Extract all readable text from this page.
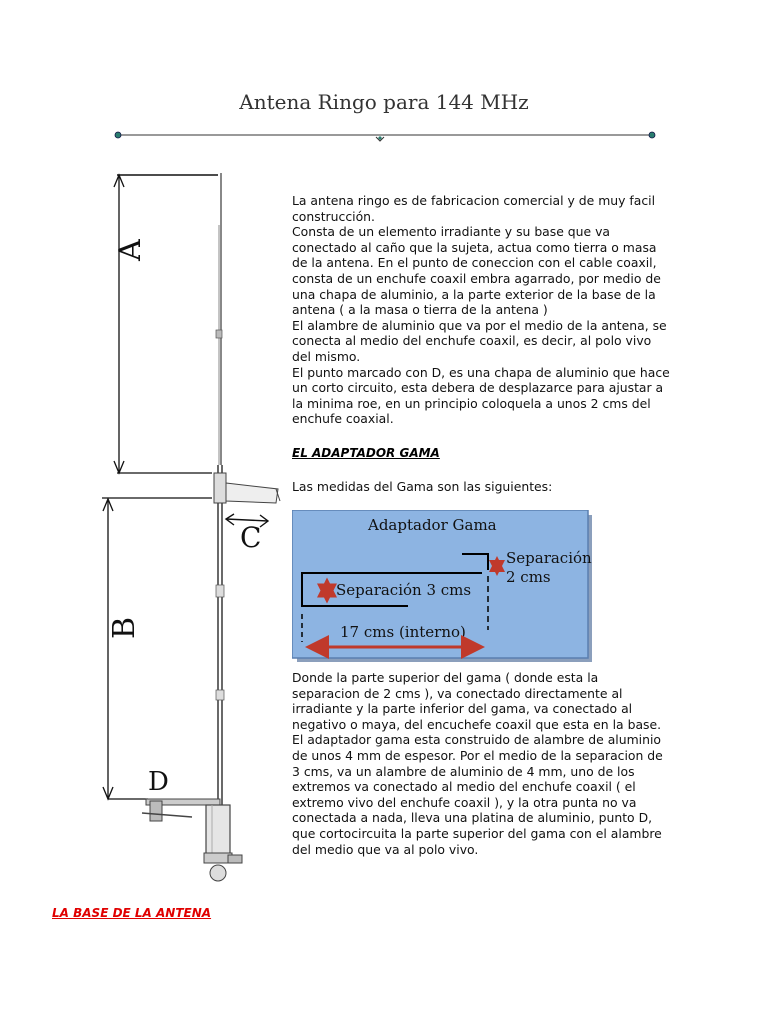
Antena Ringo para 144 MHz
A
B
C
D

La antena ringo es de fabricacion comercial y de muy facil construcción.

Consta de un elemento irradiante y su base que va conectado al caño que la sujeta, actua como tierra o masa de la antena. En el punto de coneccion con el cable coaxil, consta de un enchufe coaxil embra agarrado, por medio de una chapa de aluminio, a la parte exterior de la base de la antena ( a la masa o tierra de la antena )

El alambre de aluminio que va por el medio de la antena, se conecta al medio del enchufe coaxil, es decir, al polo vivo del mismo.

El punto marcado con D, es una chapa de aluminio que hace un corto circuito, esta debera de desplazarce para ajustar a la minima roe, en un principio coloquela a unos 2 cms del enchufe coaxial.

EL ADAPTADOR GAMA
Las medidas del Gama son las siguientes:
Adaptador Gama
Separación
2 cms
Separación 3 cms
17 cms (interno)

Donde la parte superior del gama ( donde esta la separacion de 2 cms ), va conectado directamente al irradiante y la parte inferior del gama, va conectado al negativo o maya, del encuchefe coaxil que esta en la base. El adaptador gama esta construido de alambre de aluminio de unos 4 mm de espesor. Por el medio de la separacion de 3 cms, va un alambre de aluminio de 4 mm, uno de los extremos va conectado al medio del enchufe coaxil ( el extremo vivo del enchufe coaxil ), y la otra punta no va conectada a nada, lleva una platina de aluminio, punto D, que cortocircuita la parte superior del gama con el alambre del medio que va al polo vivo.

LA BASE DE LA ANTENA
